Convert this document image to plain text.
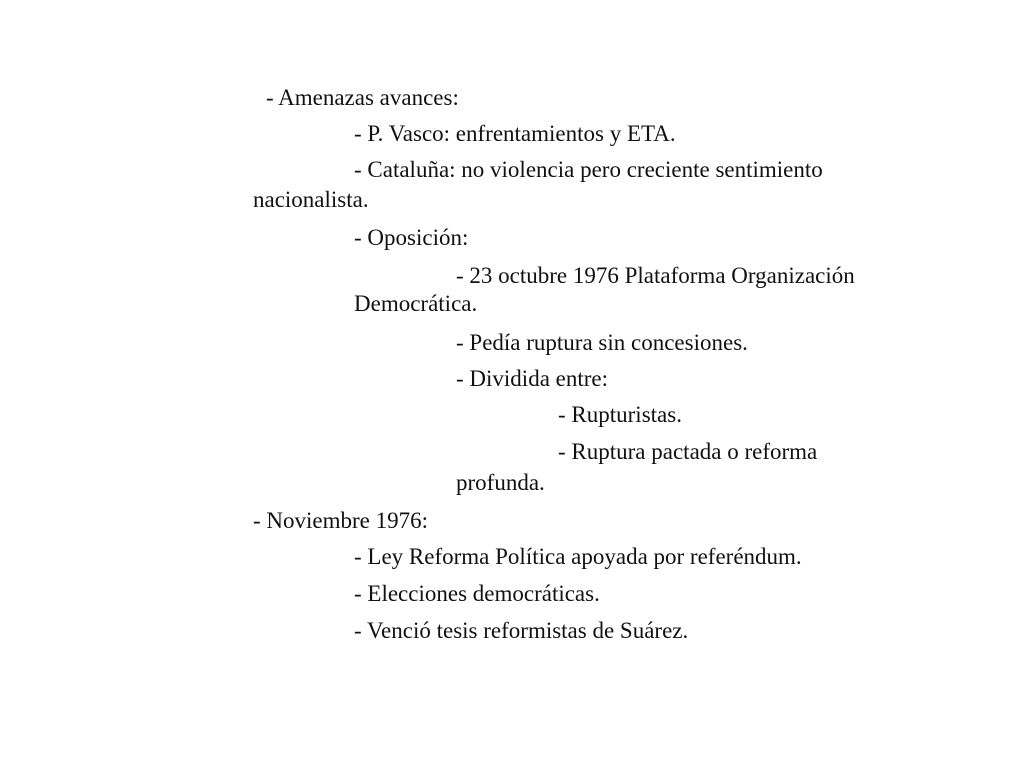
- Amenazas avances:
- P. Vasco: enfrentamientos y ETA.
- Cataluña: no violencia pero creciente sentimiento
nacionalista.
- Oposición:
- 23 octubre 1976 Plataforma Organización
Democrática.
- Pedía ruptura sin concesiones.
- Dividida entre:
- Rupturistas.
- Ruptura pactada o reforma
profunda.
- Noviembre 1976:
- Ley Reforma Política apoyada por referéndum.
- Elecciones democráticas.
- Venció tesis reformistas de Suárez.
